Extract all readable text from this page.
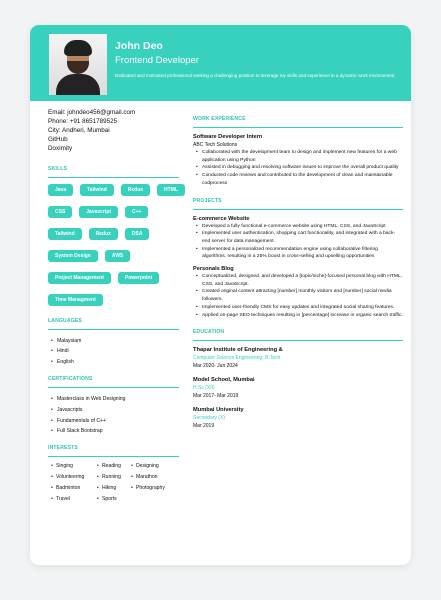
John Deo
Frontend Developer
Dedicated and motivated professional seeking a challenging position to leverage my skills and experience in a dynamic work environment
Email: johndeo456@gmail.com
Phone: +91 8651789525
City: Andheri, Mumbai
GitHub
Doximity
SKILLS
Java	Tailwind	Redux	HTML
CSS	Javascript	C++
Tailwind	Redux	DSA
System Design	AWS
Project Management	Powerpoint
Time Managment
LANGUAGES
• Malaysiam
• Hindi
• English
CERTIFICATIONS
• Masterclass in Web Designing
• Javascripts
• Fundamentals of C++
• Full Stack Bootstrap
INTERESTS
• Singing	• Reading	• Designing
• Volunteering	• Running	• Marathon
• Badminton	• Hiking	• Photography
• Travel	• Sports
WORK EXPERIENCE
Software Developer Intern
ABC Tech Solutions
• Collaborated with the development team to design and implement new features for a web application using Python
• Assisted in debugging and resolving software issues to improve the overall product quality
• Conducted code reviews and contributed to the development of clean and maintainable codprocess
PROJECTS
E-commerce Website
• Developed a fully functional e-commerce website using HTML, CSS, and JavaScript
• Implemented user authentication, shopping cart functionality, and integrated with a back-end server for data management
• Implemented a personalized recommendation engine using collaborative filtering algorithms, resulting in a 25% boost in cross-selling and upselling opportunities
Personals Blog
• Conceptualized, designed, and developed a [topic/niche]-focused personal blog with HTML, CSS, and JavaScript.
• Created original content attracting [number] monthly visitors and [number] social media followers.
• Implemented user-friendly CMS for easy updates and integrated social sharing features.
• Applied on-page SEO techniques resulting in [percentage] increase in organic search traffic.
EDUCATION
Thapar Institute of Engineering &
Computer Science Engineering, B.Tech
Mar 2020- Jun 2024
Model School, Mumbai
H.Sc (XII)
Mar 2017- Mar 2019
Mumbai University
Secondary (X)
Mar 2019
